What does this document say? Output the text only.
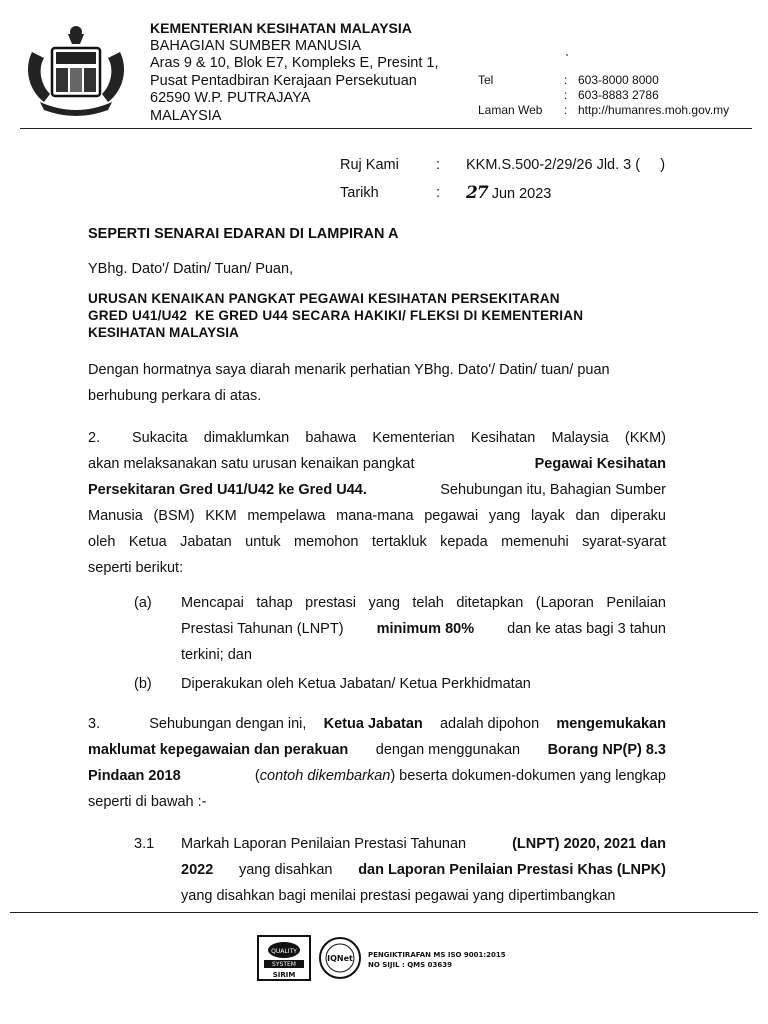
KEMENTERIAN KESIHATAN MALAYSIA
BAHAGIAN SUMBER MANUSIA
Aras 9 & 10, Blok E7, Kompleks E, Presint 1,
Pusat Pentadbiran Kerajaan Persekutuan
62590 W.P. PUTRAJAYA
MALAYSIA
Tel	: 603-8000 8000
: 603-8883 2786
Laman Web	: http://humanres.moh.gov.my
Ruj Kami	:	KKM.S.500-2/29/26 Jld. 3 (     )
Tarikh	:	27 Jun 2023
SEPERTI SENARAI EDARAN DI LAMPIRAN A
YBhg. Dato'/ Datin/ Tuan/ Puan,
URUSAN KENAIKAN PANGKAT PEGAWAI KESIHATAN PERSEKITARAN
GRED U41/U42  KE GRED U44 SECARA HAKIKI/ FLEKSI DI KEMENTERIAN
KESIHATAN MALAYSIA
Dengan hormatnya saya diarah menarik perhatian YBhg. Dato'/ Datin/ tuan/ puan
berhubung perkara di atas.
2.	Sukacita dimaklumkan bahawa Kementerian Kesihatan Malaysia (KKM)
akan melaksanakan satu urusan kenaikan pangkat	Pegawai Kesihatan
Persekitaran Gred U41/U42 ke Gred U44.	Sehubungan itu, Bahagian Sumber
Manusia (BSM) KKM mempelawa mana-mana pegawai yang layak dan diperaku
oleh Ketua Jabatan untuk memohon tertakluk kepada memenuhi syarat-syarat
seperti berikut:
(a) Mencapai tahap prestasi yang telah ditetapkan (Laporan Penilaian
Prestasi Tahunan (LNPT) minimum 80% dan ke atas bagi 3 tahun
terkini; dan
(b) Diperakukan oleh Ketua Jabatan/ Ketua Perkhidmatan
3.	Sehubungan dengan ini, Ketua Jabatan adalah dipohon mengemukakan
maklumat kepegawaian dan perakuan dengan menggunakan Borang NP(P) 8.3
Pindaan 2018	(contoh dikembarkan) beserta dokumen-dokumen yang lengkap
seperti di bawah :-
3.1 Markah Laporan Penilaian Prestasi Tahunan	(LNPT) 2020, 2021 dan
2022 yang disahkan dan Laporan Penilaian Prestasi Khas (LNPK)
yang disahkan bagi menilai prestasi pegawai yang dipertimbangkan
QUALITY
SYSTEM
SIRIM
IQNet PENGIKTIRAFAN MS ISO 9001:2015
NO SIJIL : QMS 03639
